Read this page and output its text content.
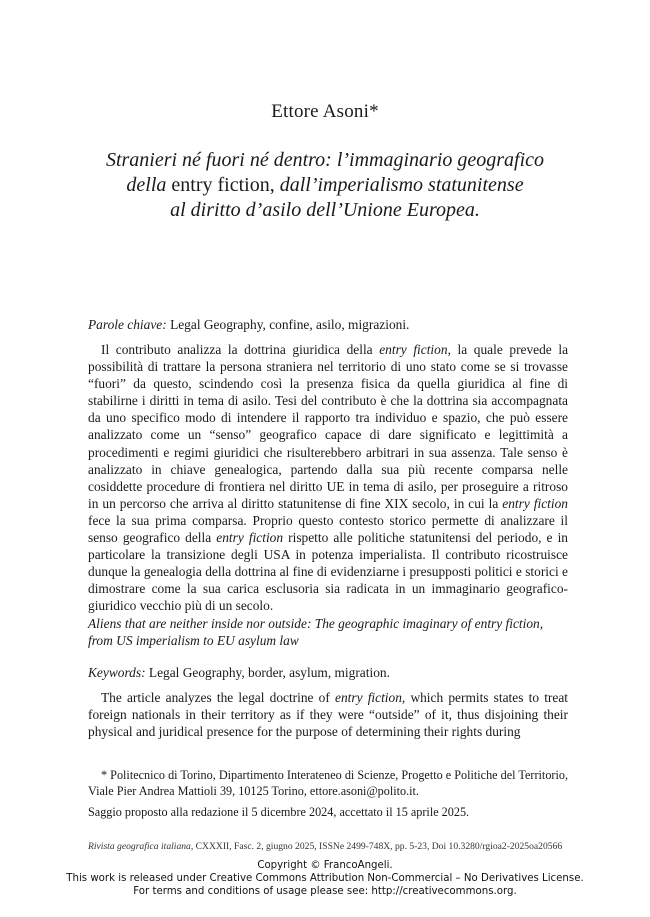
Ettore Asoni*
Stranieri né fuori né dentro: l’immaginario geografico
della entry fiction, dall’imperialismo statunitense
al diritto d’asilo dell’Unione Europea.
Parole chiave: Legal Geography, confine, asilo, migrazioni.
Il contributo analizza la dottrina giuridica della entry fiction, la quale prevede la possibilità di trattare la persona straniera nel territorio di uno stato come se si trovasse “fuori” da questo, scindendo così la presenza fisica da quella giuridica al fine di stabilirne i diritti in tema di asilo. Tesi del contributo è che la dottrina sia accompagnata da uno specifico modo di intendere il rapporto tra individuo e spazio, che può essere analizzato come un “senso” geografico capace di dare significato e legittimità a procedimenti e regimi giuridici che risulterebbero arbitrari in sua assenza. Tale senso è analizzato in chiave genealogica, partendo dalla sua più recente comparsa nelle cosiddette procedure di frontiera nel diritto UE in tema di asilo, per proseguire a ritroso in un percorso che arriva al diritto statunitense di fine XIX secolo, in cui la entry fiction fece la sua prima comparsa. Proprio questo contesto storico permette di analizzare il senso geografico della entry fiction rispetto alle politiche statunitensi del periodo, e in particolare la transizione degli USA in potenza imperialista. Il contributo ricostruisce dunque la genealogia della dottrina al fine di evidenziarne i presupposti politici e storici e dimostrare come la sua carica esclusoria sia radicata in un immaginario geografico-giuridico vecchio più di un secolo.
Aliens that are neither inside nor outside: The geographic imaginary of entry fiction, from US imperialism to EU asylum law
Keywords: Legal Geography, border, asylum, migration.
The article analyzes the legal doctrine of entry fiction, which permits states to treat foreign nationals in their territory as if they were “outside” of it, thus disjoining their physical and juridical presence for the purpose of determining their rights during
* Politecnico di Torino, Dipartimento Interateneo di Scienze, Progetto e Politiche del Territorio, Viale Pier Andrea Mattioli 39, 10125 Torino, ettore.asoni@polito.it.
Saggio proposto alla redazione il 5 dicembre 2024, accettato il 15 aprile 2025.
Rivista geografica italiana, CXXXII, Fasc. 2, giugno 2025, ISSNe 2499-748X, pp. 5-23, Doi 10.3280/rgioa2-2025oa20566
Copyright © FrancoAngeli.
This work is released under Creative Commons Attribution Non-Commercial – No Derivatives License.
For terms and conditions of usage please see: http://creativecommons.org.
